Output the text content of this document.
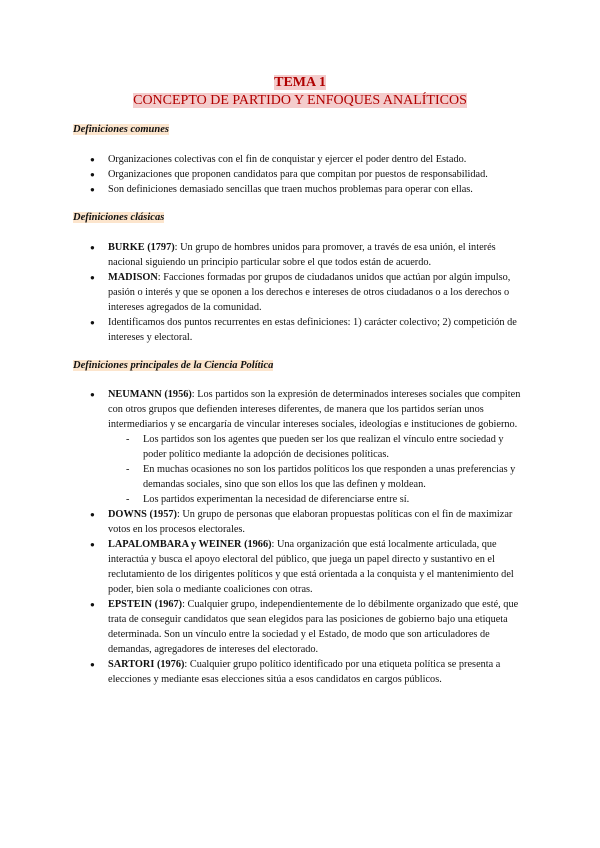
TEMA 1

CONCEPTO DE PARTIDO Y ENFOQUES ANALÍTICOS

Definiciones comunes
● Organizaciones colectivas con el fin de conquistar y ejercer el poder dentro del Estado.
● Organizaciones que proponen candidatos para que compitan por puestos de responsabilidad.
● Son definiciones demasiado sencillas que traen muchos problemas para operar con ellas.
Definiciones clásicas
● BURKE (1797): Un grupo de hombres unidos para promover, a través de esa unión, el interés nacional siguiendo un principio particular sobre el que todos están de acuerdo.
● MADISON: Facciones formadas por grupos de ciudadanos unidos que actúan por algún impulso, pasión o interés y que se oponen a los derechos e intereses de otros ciudadanos o a los derechos o intereses agregados de la comunidad.
● Identificamos dos puntos recurrentes en estas definiciones: 1) carácter colectivo; 2) competición de intereses y electoral.
Definiciones principales de la Ciencia Política
● NEUMANN (1956): Los partidos son la expresión de determinados intereses sociales que compiten con otros grupos que defienden intereses diferentes, de manera que los partidos serían unos intermediarios y se encargaría de vincular intereses sociales, ideologías e instituciones de gobierno.
- Los partidos son los agentes que pueden ser los que realizan el vínculo entre sociedad y poder político mediante la adopción de decisiones políticas.
- En muchas ocasiones no son los partidos políticos los que responden a unas preferencias y demandas sociales, sino que son ellos los que las definen y moldean.
- Los partidos experimentan la necesidad de diferenciarse entre sí.
● DOWNS (1957): Un grupo de personas que elaboran propuestas políticas con el fin de maximizar votos en los procesos electorales.
● LAPALOMBARA y WEINER (1966): Una organización que está localmente articulada, que interactúa y busca el apoyo electoral del público, que juega un papel directo y sustantivo en el reclutamiento de los dirigentes políticos y que está orientada a la conquista y el mantenimiento del poder, bien sola o mediante coaliciones con otras.
● EPSTEIN (1967): Cualquier grupo, independientemente de lo débilmente organizado que esté, que trata de conseguir candidatos que sean elegidos para las posiciones de gobierno bajo una etiqueta determinada. Son un vínculo entre la sociedad y el Estado, de modo que son articuladores de demandas, agregadores de intereses del electorado.
● SARTORI (1976): Cualquier grupo político identificado por una etiqueta política se presenta a elecciones y mediante esas elecciones sitúa a esos candidatos en cargos públicos.
